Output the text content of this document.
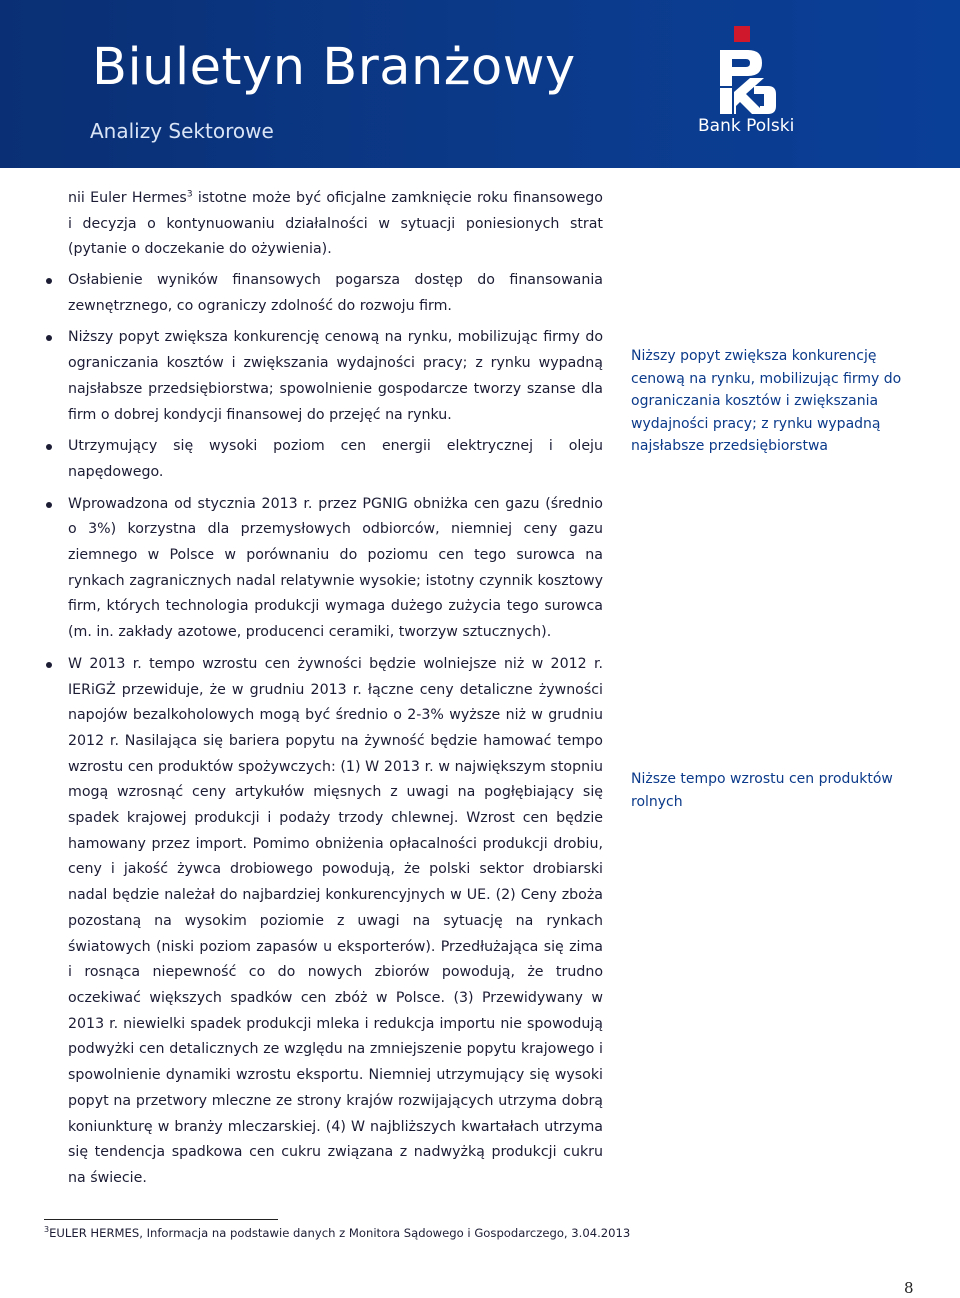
Biuletyn Branżowy
Analizy Sektorowe	Bank Polski
nii Euler Hermes$^3$ istotne może być oficjalne zamknięcie roku finansowego i decyzja o kontynuowaniu działalności w sytuacji poniesionych strat (pytanie o doczekanie do ożywienia).
Osłabienie wyników finansowych pogarsza dostęp do finansowania zewnętrznego, co ograniczy zdolność do rozwoju firm.
Niższy popyt zwiększa konkurencję cenową na rynku, mobilizując firmy do ograniczania kosztów i zwiększania wydajności pracy; z rynku wypadną najsłabsze przedsiębiorstwa; spowolnienie gospodarcze tworzy szanse dla firm o dobrej kondycji finansowej do przejęć na rynku.
Utrzymujący się wysoki poziom cen energii elektrycznej i oleju napędowego.
Wprowadzona od stycznia 2013 r. przez PGNIG obniżka cen gazu (średnio o 3%) korzystna dla przemysłowych odbiorców, niemniej ceny gazu ziemnego w Polsce w porównaniu do poziomu cen tego surowca na rynkach zagranicznych nadal relatywnie wysokie; istotny czynnik kosztowy firm, których technologia produkcji wymaga dużego zużycia tego surowca (m. in. zakłady azotowe, producenci ceramiki, tworzyw sztucznych).
W 2013 r. tempo wzrostu cen żywności będzie wolniejsze niż w 2012 r. IERiGŻ przewiduje, że w grudniu 2013 r. łączne ceny detaliczne żywności napojów bezalkoholowych mogą być średnio o 2-3% wyższe niż w grudniu 2012 r. Nasilająca się bariera popytu na żywność będzie hamować tempo wzrostu cen produktów spożywczych: (1) W 2013 r. w największym stopniu mogą wzrosnąć ceny artykułów mięsnych z uwagi na pogłębiający się spadek krajowej produkcji i podaży trzody chlewnej. Wzrost cen będzie hamowany przez import. Pomimo obniżenia opłacalności produkcji drobiu, ceny i jakość żywca drobiowego powodują, że polski sektor drobiarski nadal będzie należał do najbardziej konkurencyjnych w UE. (2) Ceny zboża pozostaną na wysokim poziomie z uwagi na sytuację na rynkach światowych (niski poziom zapasów u eksporterów). Przedłużająca się zima i rosnąca niepewność co do nowych zbiorów powodują, że trudno oczekiwać większych spadków cen zbóż w Polsce. (3) Przewidywany w 2013 r. niewielki spadek produkcji mleka i redukcja importu nie spowodują podwyżki cen detalicznych ze względu na zmniejszenie popytu krajowego i spowolnienie dynamiki wzrostu eksportu. Niemniej utrzymujący się wysoki popyt na przetwory mleczne ze strony krajów rozwijających utrzyma dobrą koniunkturę w branży mleczarskiej. (4) W najbliższych kwartałach utrzyma się tendencja spadkowa cen cukru związana z nadwyżką produkcji cukru na świecie.
Niższy popyt zwiększa konkurencję cenową na rynku, mobilizując firmy do ograniczania kosztów i zwiększania wydajności pracy; z rynku wypadną najsłabsze przedsiębiorstwa
Niższe tempo wzrostu cen produktów rolnych
$^3$EULER HERMES, Informacja na podstawie danych z Monitora Sądowego i Gospodarczego, 3.04.2013
8
